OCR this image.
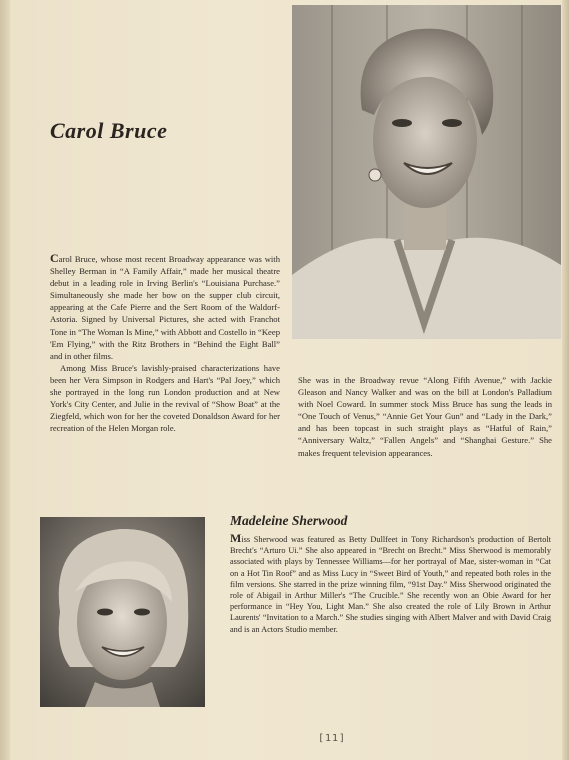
Carol Bruce

Carol Bruce, whose most recent Broadway appearance was with Shelley Berman in “A Family Affair,” made her musical theatre debut in a leading role in Irving Berlin's “Louisiana Purchase.” Simultaneously she made her bow on the supper club circuit, appearing at the Cafe Pierre and the Sert Room of the Waldorf-Astoria. Signed by Universal Pictures, she acted with Franchot Tone in “The Woman Is Mine,” with Abbott and Costello in “Keep 'Em Flying,” with the Ritz Brothers in “Behind the Eight Ball” and in other films.

Among Miss Bruce's lavishly-praised characterizations have been her Vera Simpson in Rodgers and Hart's “Pal Joey,” which she portrayed in the long run London production and at New York's City Center, and Julie in the revival of “Show Boat” at the Ziegfeld, which won for her the coveted Donaldson Award for her recreation of the Helen Morgan role.

She was in the Broadway revue “Along Fifth Avenue,” with Jackie Gleason and Nancy Walker and was on the bill at London's Palladium with Noel Coward. In summer stock Miss Bruce has sung the leads in “One Touch of Venus,” “Annie Get Your Gun” and “Lady in the Dark,” and has been topcast in such straight plays as “Hatful of Rain,” “Anniversary Waltz,” “Fallen Angels” and “Shanghai Gesture.” She makes frequent television appearances.

Madeleine Sherwood

Miss Sherwood was featured as Betty Dullfeet in Tony Richardson's production of Bertolt Brecht's “Arturo Ui.” She also appeared in “Brecht on Brecht.” Miss Sherwood is memorably associated with plays by Tennessee Williams—for her portrayal of Mae, sister-woman in “Cat on a Hot Tin Roof” and as Miss Lucy in “Sweet Bird of Youth,” and repeated both roles in the film versions. She starred in the prize winning film, “91st Day.” Miss Sherwood originated the role of Abigail in Arthur Miller's “The Crucible.” She recently won an Obie Award for her performance in “Hey You, Light Man.” She also created the role of Lily Brown in Arthur Laurents' “Invitation to a March.” She studies singing with Albert Malver and with David Craig and is an Actors Studio member.

[11]
